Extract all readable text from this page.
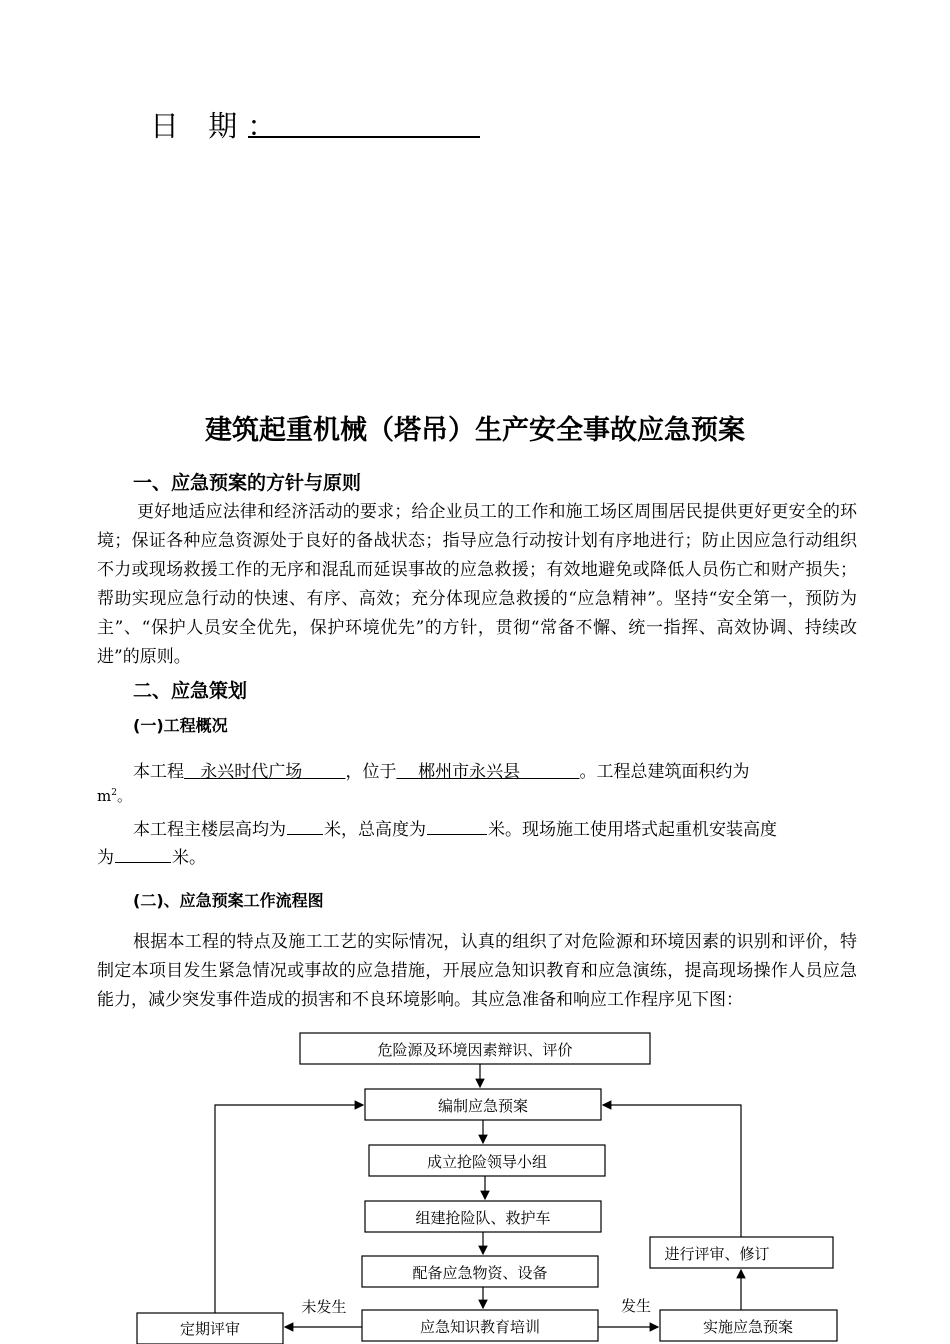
日 期：
建筑起重机械（塔吊）生产安全事故应急预案
一、应急预案的方针与原则
更好地适应法律和经济活动的要求；给企业员工的工作和施工场区周围居民提供更好更安全的环境；保证各种应急资源处于良好的备战状态；指导应急行动按计划有序地进行；防止因应急行动组织不力或现场救援工作的无序和混乱而延误事故的应急救援；有效地避免或降低人员伤亡和财产损失；帮助实现应急行动的快速、有序、高效；充分体现应急救援的“应急精神”。坚持“安全第一，预防为主”、“保护人员安全优先，保护环境优先”的方针，贯彻“常备不懈、统一指挥、高效协调、持续改进”的原则。
二、应急策划
(一)工程概况
本工程 永兴时代广场	，位于 郴州市永兴县	。工程总建筑面积约为
$m^2$。
本工程主楼层高均为 米，总高度为	米。现场施工使用塔式起重机安装高度
为	米。
(二)、应急预案工作流程图
根据本工程的特点及施工工艺的实际情况，认真的组织了对危险源和环境因素的识别和评价，特制定本项目发生紧急情况或事故的应急措施，开展应急知识教育和应急演练，提高现场操作人员应急能力，减少突发事件造成的损害和不良环境影响。其应急准备和响应工作程序见下图：
危险源及环境因素辩识、评价
编制应急预案
成立抢险领导小组
组建抢险队、救护车
配备应急物资、设备
应急知识教育培训
定期评审
进行评审、修订
实施应急预案
未发生	发生
